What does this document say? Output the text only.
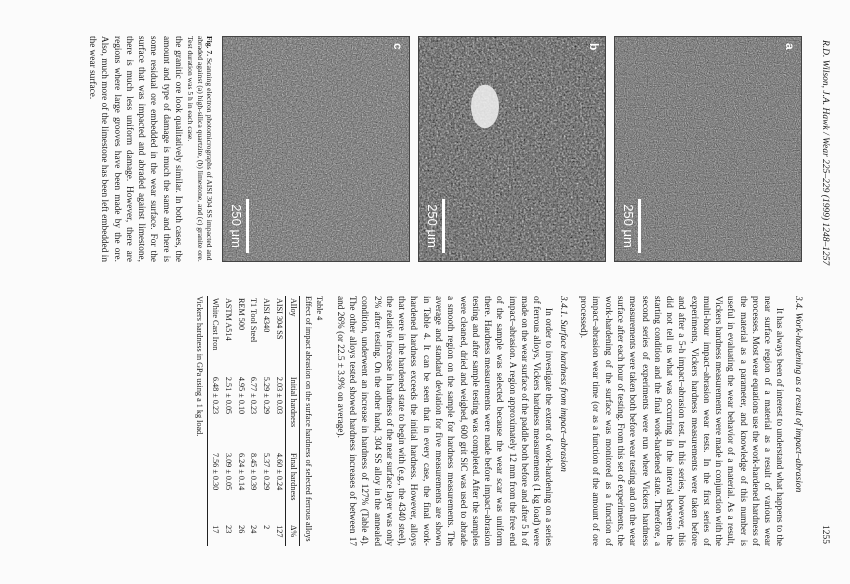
R.D. Wilson, J.A. Hawk / Wear 225–229 (1999) 1248–1257
1255
a
250 μm
b
250 μm
c
250 μm
Fig. 7. Scanning electron photomicrographs of AISI 304 SS impacted and abraded against (a) high-silica quartzite, (b) limestone, and (c) granite ore. Test duration was 5 h in each case.

the granitic ore look qualitatively similar. In both cases, the amount and type of damage is much the same and there is some residual ore embedded in the wear surface. For the surface that was impacted and abraded against limestone, there is much less uniform damage. However, there are regions where large grooves have been made by the ore. Also, much more of the limestone has been left embedded in the wear surface.

3.4. Work-hardening as a result of impact–abrasion

It has always been of interest to understand what happens to the near surface region of a material as a result of various wear processes. Most wear equations use the work-hardened hardness of the material as a parameter, and knowledge of this number is useful in evaluating the wear behavior of a material. As a result, Vickers hardness measurements were made in conjunction with the multi-hour impact–abrasion wear tests. In the first series of experiments, Vickers hardness measurements were taken before and after a 5-h impact–abrasion test. In this series, however, this did not tell us what was occurring in the interval between the starting condition and the final work-hardened state. Therefore, a second series of experiments were run where Vickers hardness measurements were taken both before wear testing and on the wear surface after each hour of testing. From this set of experiments, the work-hardening of the surface was monitored as a function of impact–abrasion wear time (or as a function of the amount of ore processed).

3.4.1. Surface hardness from impact–abrasion

In order to investigate the extent of work-hardening on a series of ferrous alloys, Vickers hardness measurements (1 kg load) were made on the wear surface of the paddle both before and after 5 h of impact–abrasion. A region approximately 12 mm from the free end of the sample was selected because the wear scar was uniform there. Hardness measurements were made before impact–abrasion testing and after sample testing was completed. After the samples were cleaned, dried and weighed, 600 grit SiC was used to abrade a smooth region on the sample for hardness measurements. The average and standard deviation for five measurements are shown in Table 4. It can be seen that in every case, the final work-hardened hardness exceeds the initial hardness. However, alloys that were in the hardened state to begin with (e.g., the 4340 steel), the relative increase in hardness of the near surface layer was only 2% after testing. On the other hand, 304 SS alloy in the annealed condition, underwent an increase in hardness of 127% (Table 4). The other alloys tested showed hardness increases of between 17 and 26% (or 22.5 ± 3.9% on average).

Table 4
Effect of impact abrasion on the surface hardness of selected ferrous alloys
Alloy	Initial hardness	Final hardness	Δ%
AISI 304 SS	2.03 ± 0.03	4.60 ± 0.24	127
AISI 4340	5.29 ± 0.29	5.37 ± 0.29	2
T1 Tool Steel	6.77 ± 0.23	8.45 ± 0.39	24
REM 500	4.95 ± 0.10	6.24 ± 0.14	26
ASTM A514	2.51 ± 0.05	3.09 ± 0.05	23
White Cast Iron	6.48 ± 0.23	7.56 ± 0.30	17
Vickers hardness in GPa using a 1 kg load.
